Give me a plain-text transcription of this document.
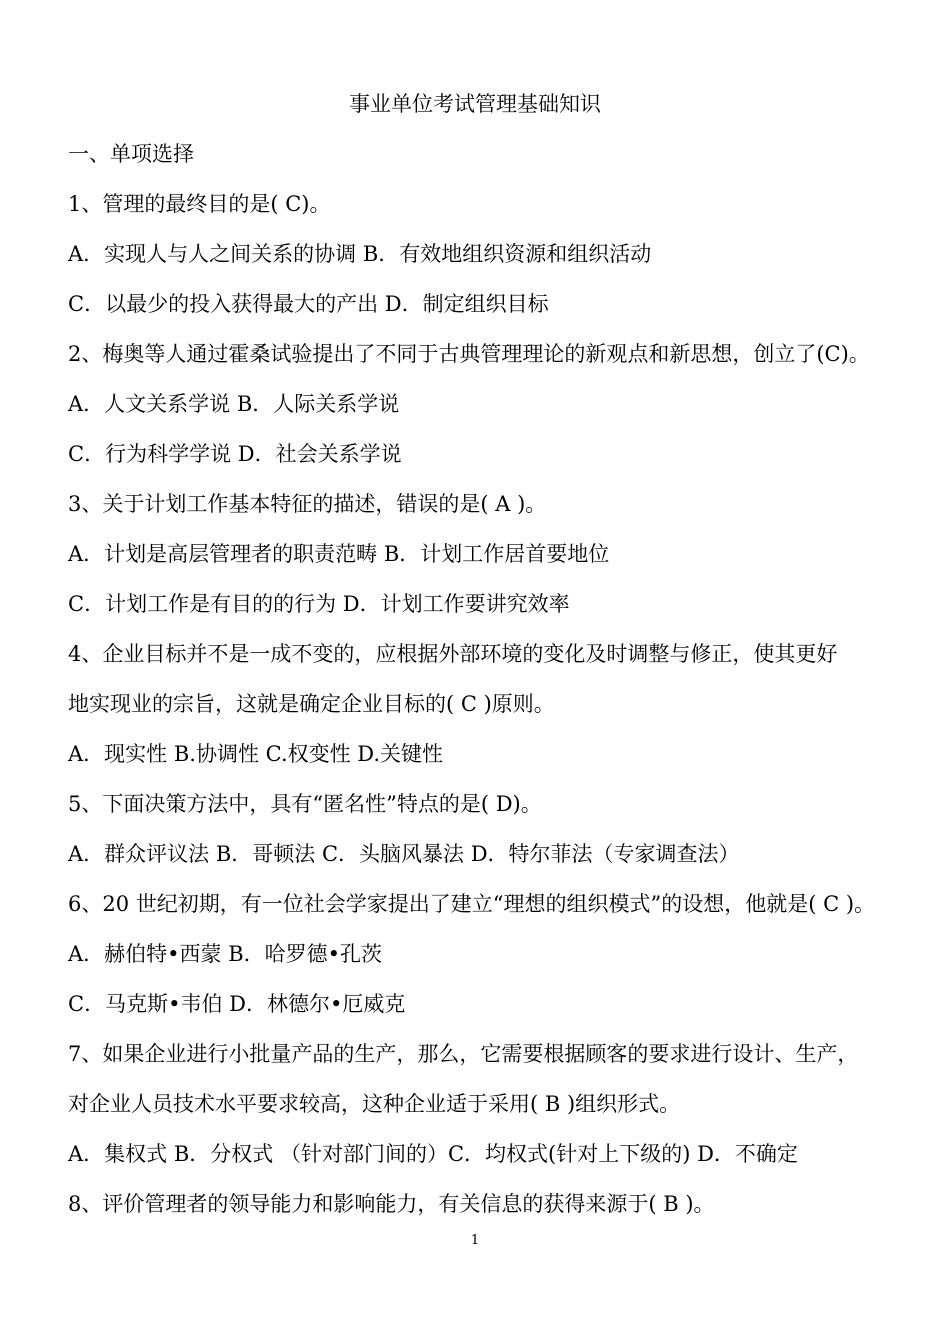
事业单位考试管理基础知识
一、单项选择
1、管理的最终目的是( C)。
A．实现人与人之间关系的协调 B．有效地组织资源和组织活动
C．以最少的投入获得最大的产出 D．制定组织目标
2、梅奥等人通过霍桑试验提出了不同于古典管理理论的新观点和新思想，创立了(C)。
A．人文关系学说 B．人际关系学说
C．行为科学学说 D．社会关系学说
3、关于计划工作基本特征的描述，错误的是( A )。
A．计划是高层管理者的职责范畴 B．计划工作居首要地位
C．计划工作是有目的的行为 D．计划工作要讲究效率
4、企业目标并不是一成不变的，应根据外部环境的变化及时调整与修正，使其更好
地实现业的宗旨，这就是确定企业目标的( C )原则。
A．现实性 B.协调性 C.权变性 D.关键性
5、下面决策方法中，具有“匿名性”特点的是( D)。
A．群众评议法 B．哥顿法 C．头脑风暴法 D．特尔菲法（专家调查法）
6、20 世纪初期，有一位社会学家提出了建立“理想的组织模式”的设想，他就是( C )。
A．赫伯特•西蒙 B．哈罗德•孔茨
C．马克斯•韦伯 D．林德尔•厄威克
7、如果企业进行小批量产品的生产，那么，它需要根据顾客的要求进行设计、生产，
对企业人员技术水平要求较高，这种企业适于采用( B )组织形式。
A．集权式 B．分权式 （针对部门间的）C．均权式(针对上下级的) D．不确定
8、评价管理者的领导能力和影响能力，有关信息的获得来源于( B )。
1
